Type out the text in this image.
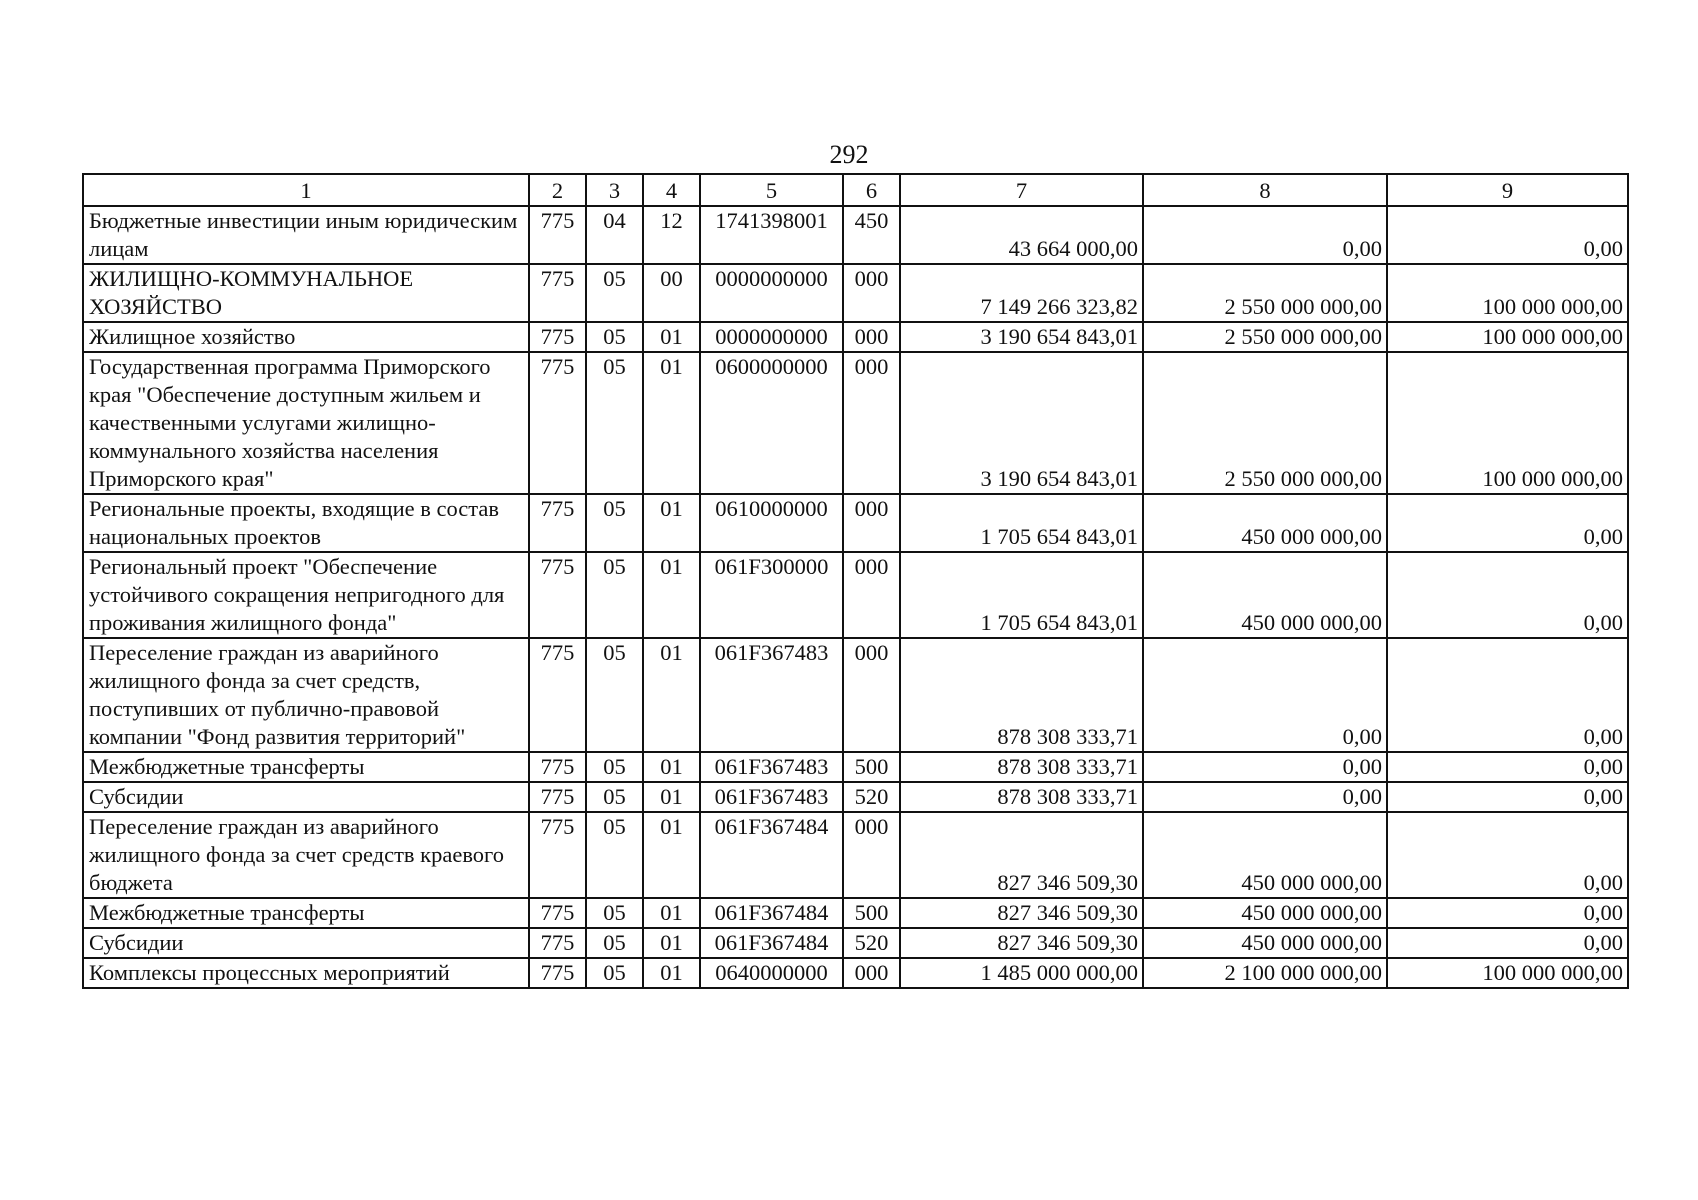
292
1	2	3	4	5	6	7	8	9
Бюджетные инвестиции иным юридическим лицам	775	04	12	1741398001	450	43 664 000,00	0,00	0,00
ЖИЛИЩНО-КОММУНАЛЬНОЕ ХОЗЯЙСТВО	775	05	00	0000000000	000	7 149 266 323,82	2 550 000 000,00	100 000 000,00
Жилищное хозяйство	775	05	01	0000000000	000	3 190 654 843,01	2 550 000 000,00	100 000 000,00
Государственная программа Приморского края "Обеспечение доступным жильем и качественными услугами жилищно-коммунального хозяйства населения Приморского края"	775	05	01	0600000000	000	3 190 654 843,01	2 550 000 000,00	100 000 000,00
Региональные проекты, входящие в состав национальных проектов	775	05	01	0610000000	000	1 705 654 843,01	450 000 000,00	0,00
Региональный проект "Обеспечение устойчивого сокращения непригодного для проживания жилищного фонда"	775	05	01	061F300000	000	1 705 654 843,01	450 000 000,00	0,00
Переселение граждан из аварийного жилищного фонда за счет средств, поступивших от публично-правовой компании "Фонд развития территорий"	775	05	01	061F367483	000	878 308 333,71	0,00	0,00
Межбюджетные трансферты	775	05	01	061F367483	500	878 308 333,71	0,00	0,00
Субсидии	775	05	01	061F367483	520	878 308 333,71	0,00	0,00
Переселение граждан из аварийного жилищного фонда за счет средств краевого бюджета	775	05	01	061F367484	000	827 346 509,30	450 000 000,00	0,00
Межбюджетные трансферты	775	05	01	061F367484	500	827 346 509,30	450 000 000,00	0,00
Субсидии	775	05	01	061F367484	520	827 346 509,30	450 000 000,00	0,00
Комплексы процессных мероприятий	775	05	01	0640000000	000	1 485 000 000,00	2 100 000 000,00	100 000 000,00
